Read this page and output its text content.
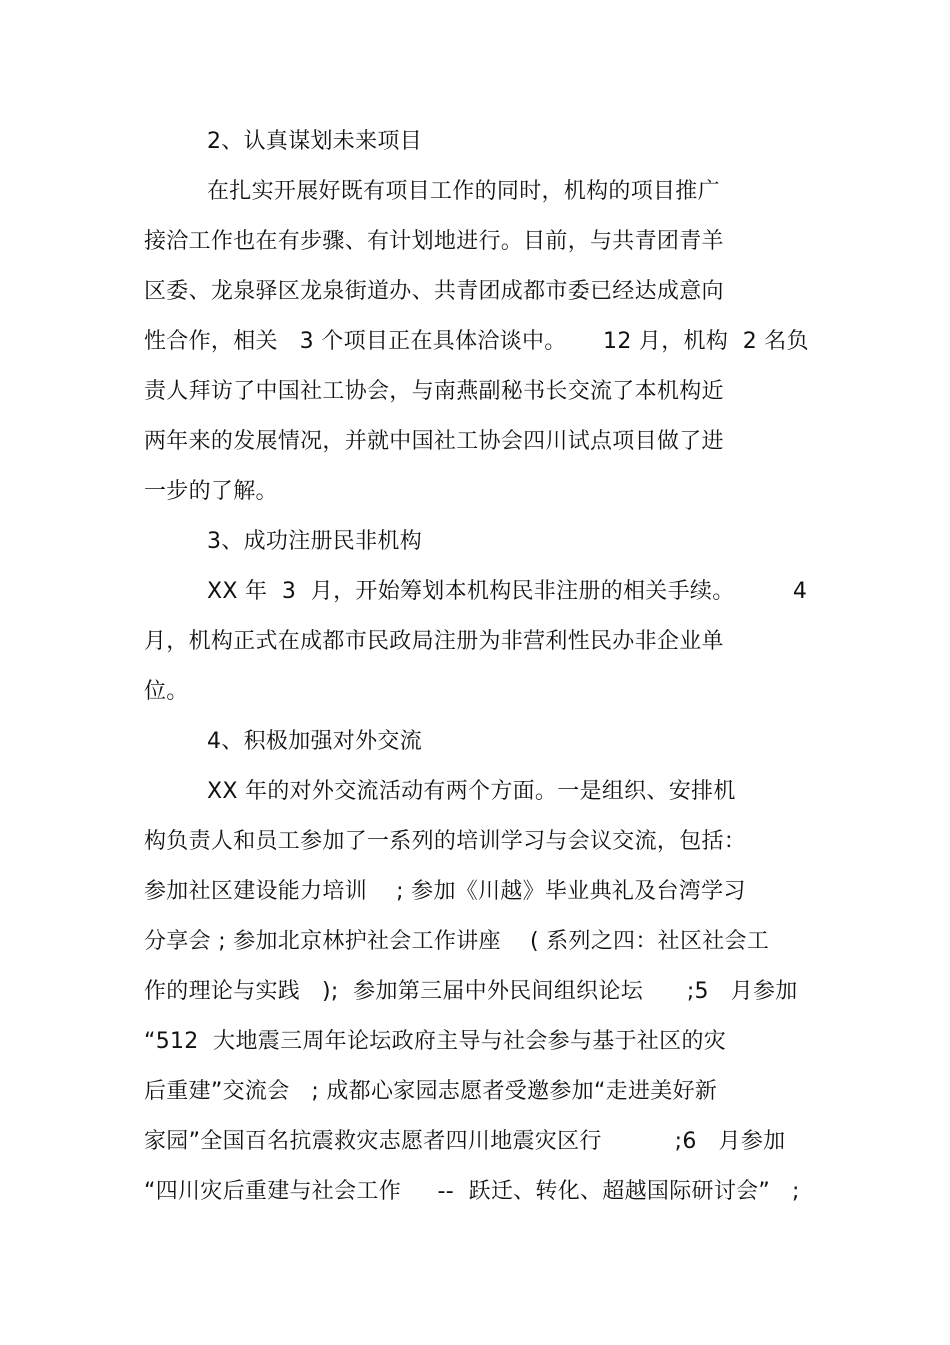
2、认真谋划未来项目
在扎实开展好既有项目工作的同时，机构的项目推广
接洽工作也在有步骤、有计划地进行。目前，与共青团青羊
区委、龙泉驿区龙泉街道办、共青团成都市委已经达成意向
性合作，相关   3 个项目正在具体洽谈中。     12 月，机构  2 名负
责人拜访了中国社工协会，与南燕副秘书长交流了本机构近
两年来的发展情况，并就中国社工协会四川试点项目做了进
一步的了解。
3、成功注册民非机构
XX 年  3  月，开始筹划本机构民非注册的相关手续。        4
月，机构正式在成都市民政局注册为非营利性民办非企业单
位。
4、积极加强对外交流
XX 年的对外交流活动有两个方面。一是组织、安排机
构负责人和员工参加了一系列的培训学习与会议交流，包括：
参加社区建设能力培训    ; 参加《川越》毕业典礼及台湾学习
分享会 ; 参加北京林护社会工作讲座    ( 系列之四：社区社会工
作的理论与实践   );  参加第三届中外民间组织论坛      ;5   月参加
“512  大地震三周年论坛政府主导与社会参与基于社区的灾
后重建”交流会   ; 成都心家园志愿者受邀参加“走进美好新
家园”全国百名抗震救灾志愿者四川地震灾区行          ;6   月参加
“四川灾后重建与社会工作     --  跃迁、转化、超越国际研讨会”   ;
